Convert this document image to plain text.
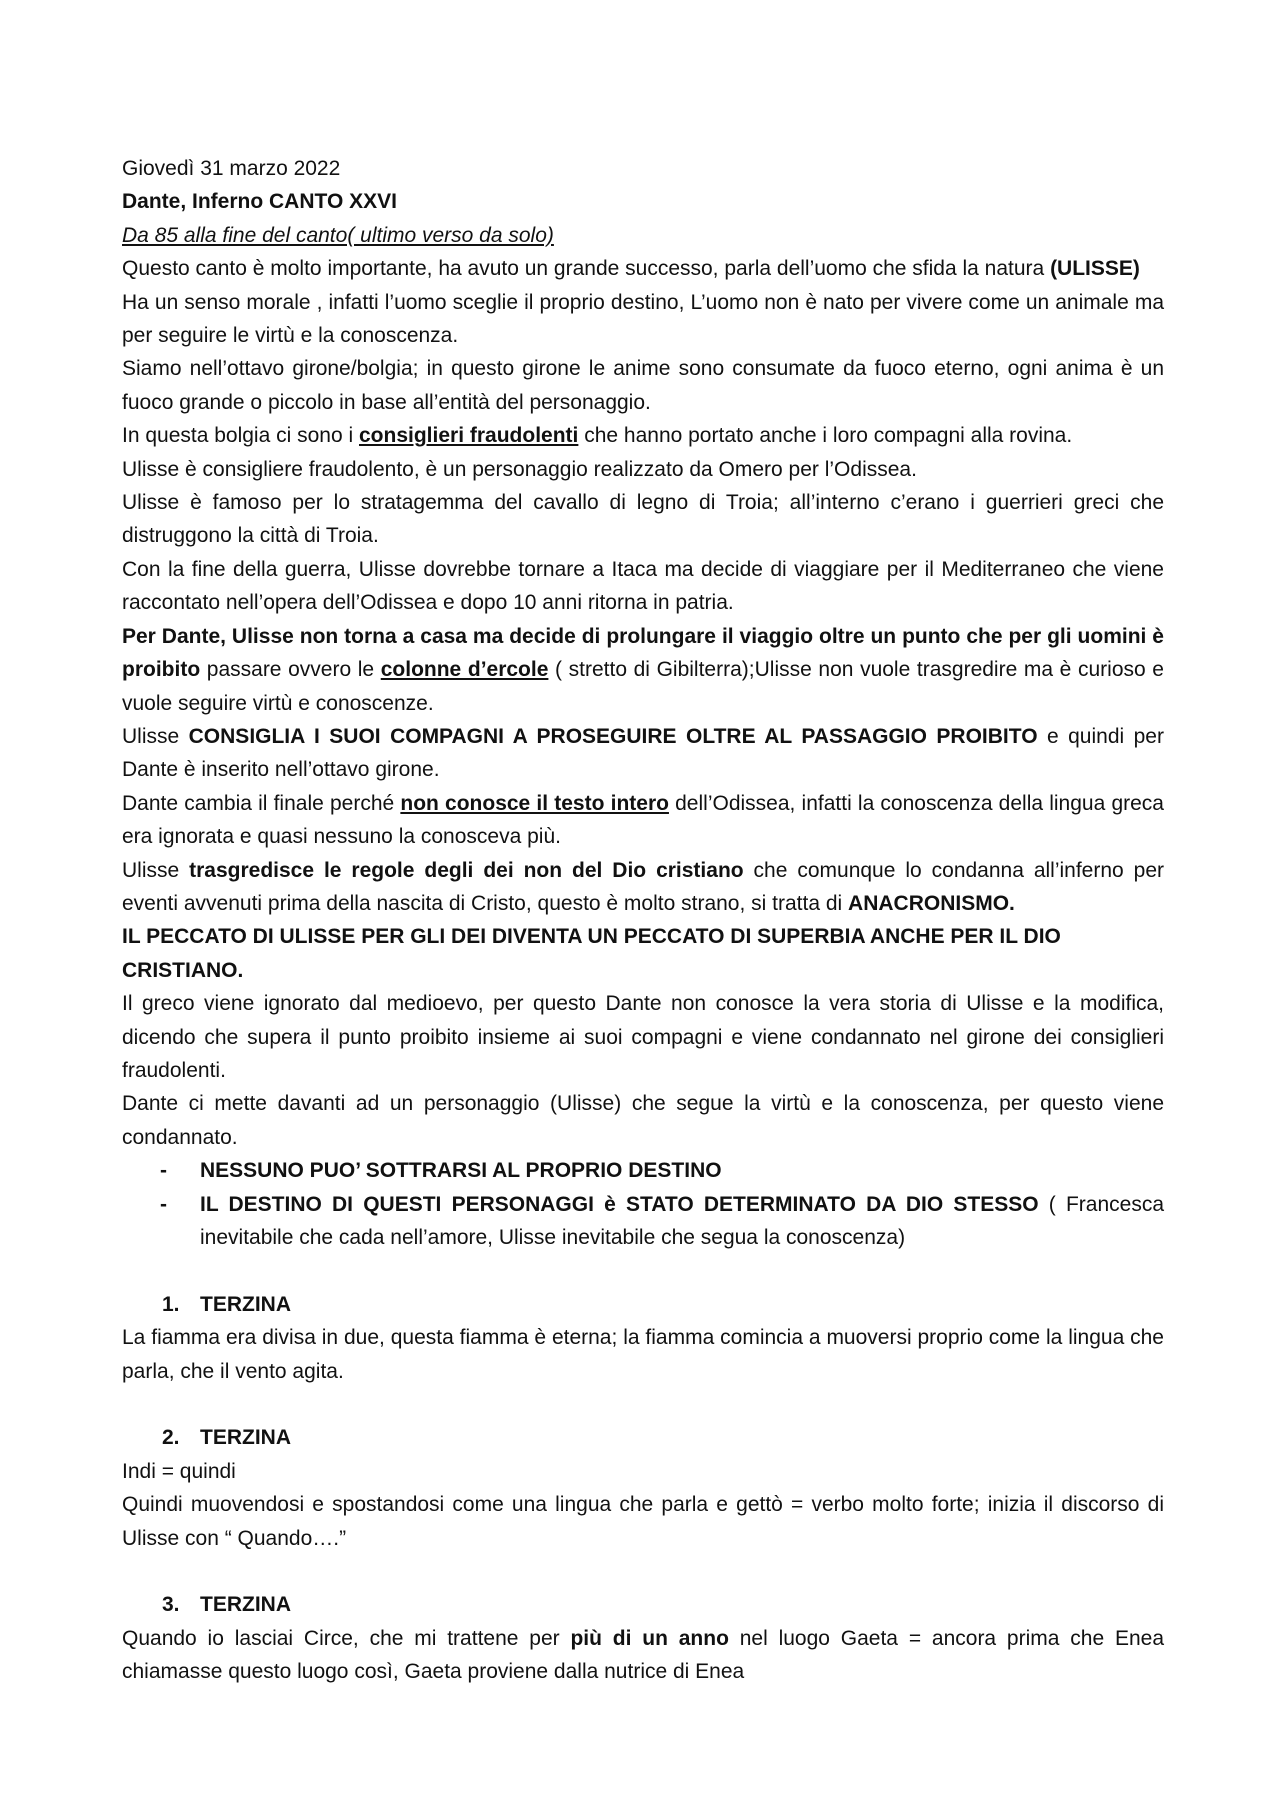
Giovedì 31 marzo 2022

Dante, Inferno CANTO XXVI

Da 85 alla fine del canto( ultimo verso da solo)

Questo canto è molto importante, ha avuto un grande successo, parla dell’uomo che sfida la natura (ULISSE)

Ha un senso morale , infatti l’uomo sceglie il proprio destino, L’uomo non è nato per vivere come un animale ma per seguire le virtù e la conoscenza.

Siamo nell’ottavo girone/bolgia; in questo girone le anime sono consumate da fuoco eterno, ogni anima è un fuoco grande o piccolo in base all’entità del personaggio.

In questa bolgia ci sono i consiglieri fraudolenti che hanno portato anche i loro compagni alla rovina.

Ulisse è consigliere fraudolento, è un personaggio realizzato da Omero per l’Odissea.

Ulisse è famoso per lo stratagemma del cavallo di legno di Troia; all’interno c’erano i guerrieri greci che distruggono la città di Troia.

Con la fine della guerra, Ulisse dovrebbe tornare a Itaca ma decide di viaggiare per il Mediterraneo che viene raccontato nell’opera dell’Odissea e dopo 10 anni ritorna in patria.

Per Dante, Ulisse non torna a casa ma decide di prolungare il viaggio oltre un punto che per gli uomini è proibito passare ovvero le colonne d’ercole ( stretto di Gibilterra);Ulisse non vuole trasgredire ma è curioso e vuole seguire virtù e conoscenze.

Ulisse CONSIGLIA I SUOI COMPAGNI A PROSEGUIRE OLTRE AL PASSAGGIO PROIBITO e quindi per Dante è inserito nell’ottavo girone.

Dante cambia il finale perché non conosce il testo intero dell’Odissea, infatti la conoscenza della lingua greca era ignorata e quasi nessuno la conosceva più.

Ulisse trasgredisce le regole degli dei non del Dio cristiano che comunque lo condanna all’inferno per eventi avvenuti prima della nascita di Cristo, questo è molto strano, si tratta di ANACRONISMO.

IL PECCATO DI ULISSE PER GLI DEI DIVENTA UN PECCATO DI SUPERBIA ANCHE PER IL DIO CRISTIANO.

Il greco viene ignorato dal medioevo, per questo Dante non conosce la vera storia di Ulisse e la modifica, dicendo che supera il punto proibito insieme ai suoi compagni e viene condannato nel girone dei consiglieri fraudolenti.

Dante ci mette davanti ad un personaggio (Ulisse) che segue la virtù e la conoscenza, per questo viene condannato.

- NESSUNO PUO’ SOTTRARSI AL PROPRIO DESTINO
- IL DESTINO DI QUESTI PERSONAGGI è STATO DETERMINATO DA DIO STESSO ( Francesca inevitabile che cada nell’amore, Ulisse inevitabile che segua la conoscenza)

1. TERZINA

La fiamma era divisa in due, questa fiamma è eterna; la fiamma comincia a muoversi proprio come la lingua che parla, che il vento agita.

2. TERZINA

Indi = quindi

Quindi muovendosi e spostandosi come una lingua che parla e gettò = verbo molto forte; inizia il discorso di Ulisse con “ Quando….”

3. TERZINA

Quando io lasciai Circe, che mi trattene per più di un anno nel luogo Gaeta = ancora prima che Enea chiamasse questo luogo così, Gaeta proviene dalla nutrice di Enea
